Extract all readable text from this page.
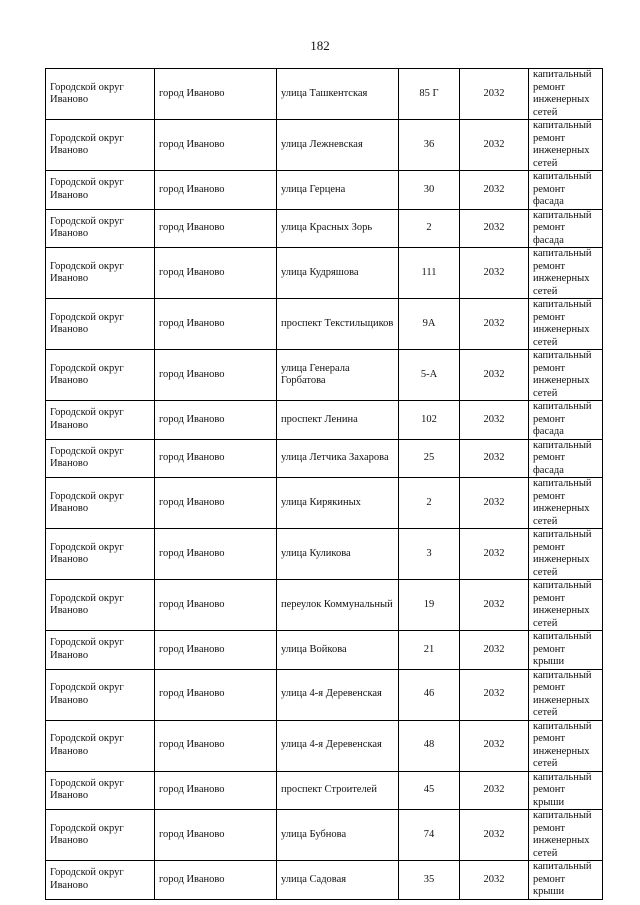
182
Городской округ Иваново	город Иваново	улица Ташкентская	85 Г	2032	капитальный ремонт инженерных сетей
Городской округ Иваново	город Иваново	улица Лежневская	36	2032	капитальный ремонт инженерных сетей
Городской округ Иваново	город Иваново	улица Герцена	30	2032	капитальный ремонт фасада
Городской округ Иваново	город Иваново	улица Красных Зорь	2	2032	капитальный ремонт фасада
Городской округ Иваново	город Иваново	улица Кудряшова	111	2032	капитальный ремонт инженерных сетей
Городской округ Иваново	город Иваново	проспект Текстильщиков	9А	2032	капитальный ремонт инженерных сетей
Городской округ Иваново	город Иваново	улица Генерала Горбатова	5-А	2032	капитальный ремонт инженерных сетей
Городской округ Иваново	город Иваново	проспект Ленина	102	2032	капитальный ремонт фасада
Городской округ Иваново	город Иваново	улица Летчика Захарова	25	2032	капитальный ремонт фасада
Городской округ Иваново	город Иваново	улица Кирякиных	2	2032	капитальный ремонт инженерных сетей
Городской округ Иваново	город Иваново	улица Куликова	3	2032	капитальный ремонт инженерных сетей
Городской округ Иваново	город Иваново	переулок Коммунальный	19	2032	капитальный ремонт инженерных сетей
Городской округ Иваново	город Иваново	улица Войкова	21	2032	капитальный ремонт крыши
Городской округ Иваново	город Иваново	улица 4-я Деревенская	46	2032	капитальный ремонт инженерных сетей
Городской округ Иваново	город Иваново	улица 4-я Деревенская	48	2032	капитальный ремонт инженерных сетей
Городской округ Иваново	город Иваново	проспект Строителей	45	2032	капитальный ремонт крыши
Городской округ Иваново	город Иваново	улица Бубнова	74	2032	капитальный ремонт инженерных сетей
Городской округ Иваново	город Иваново	улица Садовая	35	2032	капитальный ремонт крыши
